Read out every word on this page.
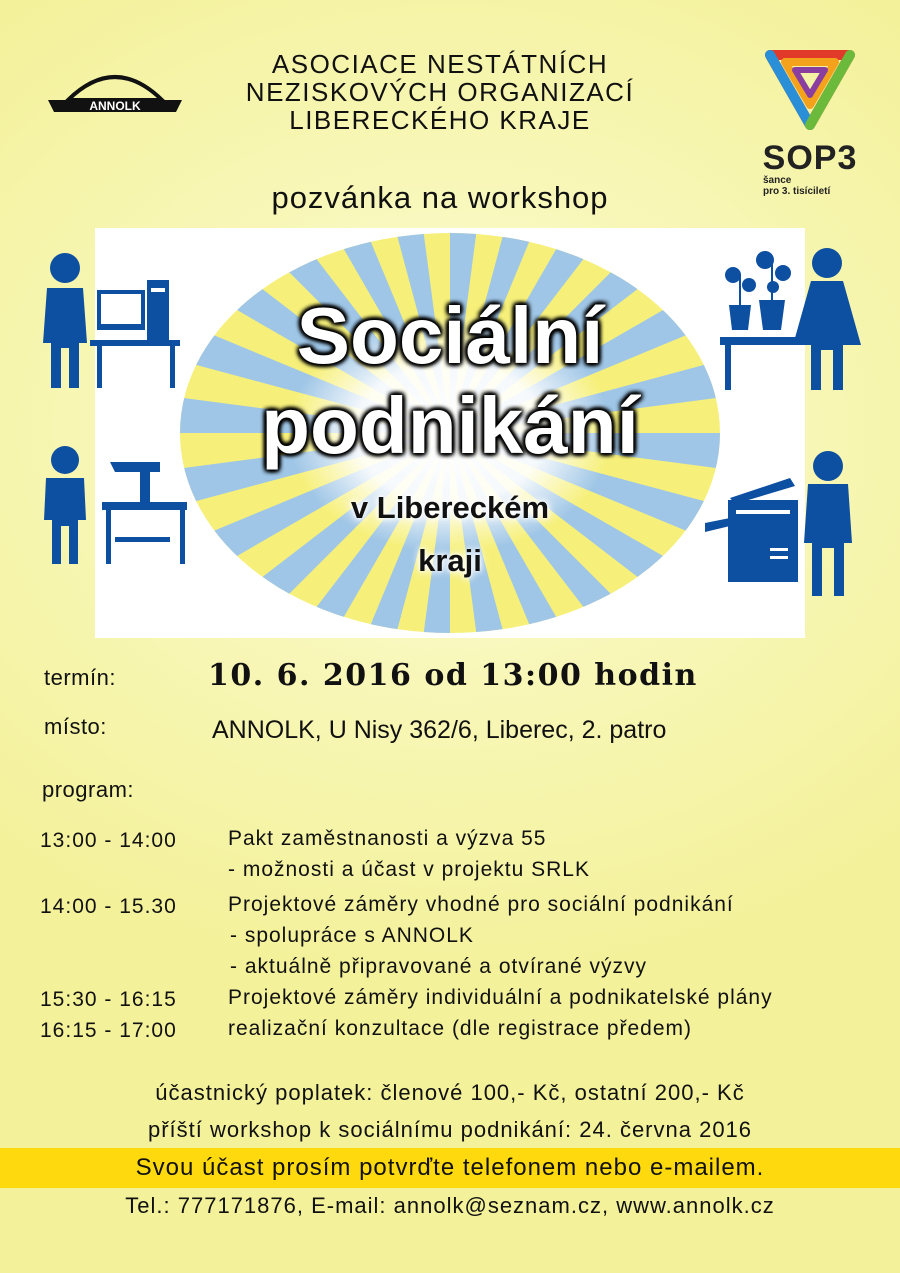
ANNOLK
ASOCIACE NESTÁTNÍCH
NEZISKOVÝCH ORGANIZACÍ
LIBERECKÉHO KRAJE
SOP3
šance
pro 3. tisíciletí
pozvánka na workshop
Sociální
podnikání
v Libereckém
kraji
termín:	10. 6. 2016 od 13:00 hodin
místo:	ANNOLK, U Nisy 362/6, Liberec, 2. patro
program:
13:00 - 14:00 Pakt zaměstnanosti a výzva 55
- možnosti a účast v projektu SRLK
14:00 - 15.30 Projektové záměry vhodné pro sociální podnikání
- spolupráce s ANNOLK
- aktuálně připravované a otvírané výzvy
15:30 - 16:15 Projektové záměry individuální a podnikatelské plány
16:15 - 17:00 realizační konzultace (dle registrace předem)
účastnický poplatek: členové 100,- Kč, ostatní 200,- Kč
příští workshop k sociálnímu podnikání: 24. června 2016
Svou účast prosím potvrďte telefonem nebo e-mailem.
Tel.: 777171876, E-mail: annolk@seznam.cz, www.annolk.cz
